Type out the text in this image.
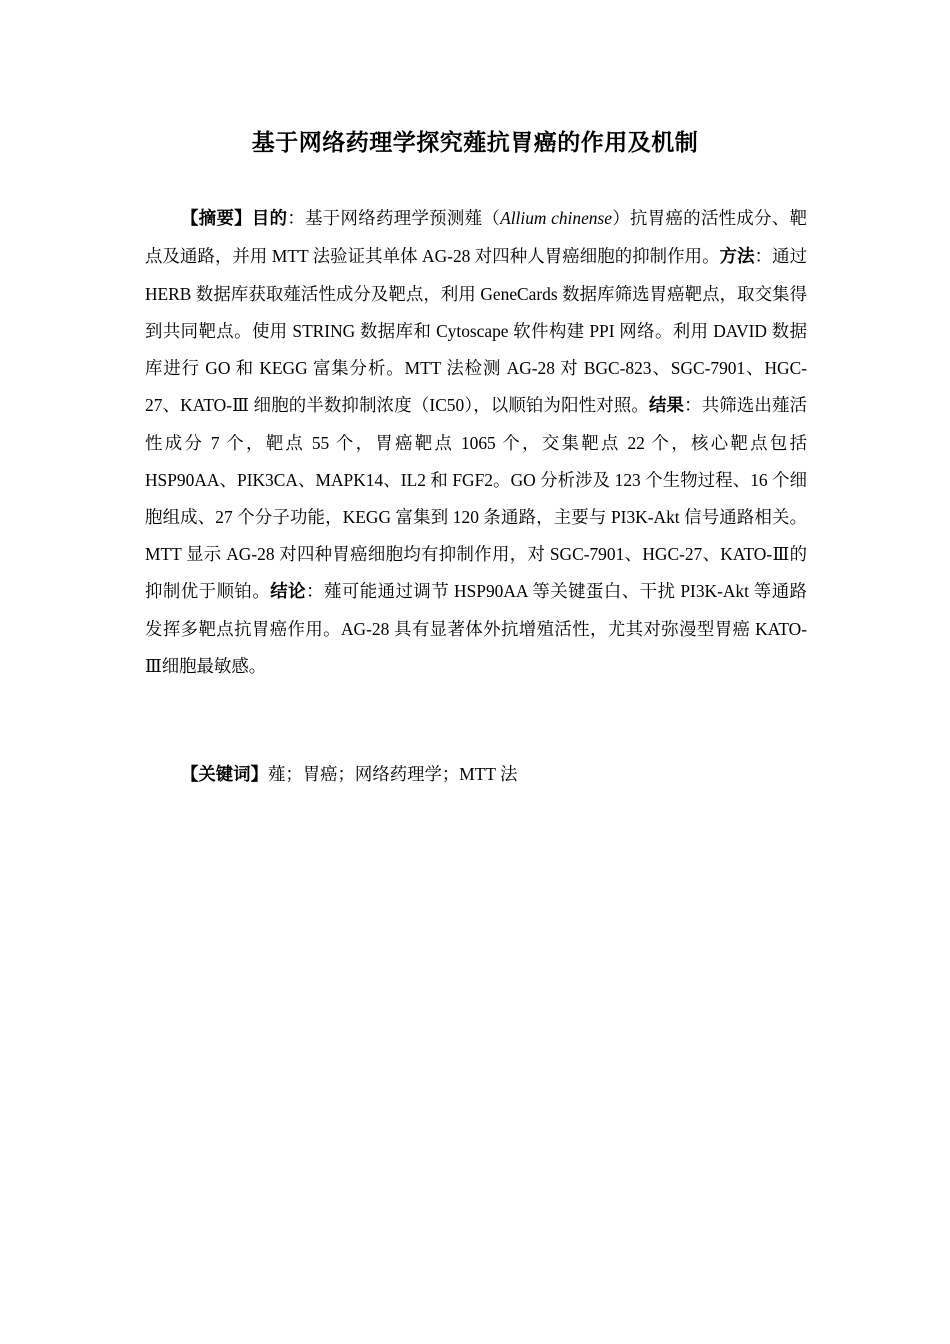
基于网络药理学探究薤抗胃癌的作用及机制
【摘要】目的：基于网络药理学预测薤（Allium chinense）抗胃癌的活性成分、靶点及通路，并用 MTT 法验证其单体 AG-28 对四种人胃癌细胞的抑制作用。方法：通过 HERB 数据库获取薤活性成分及靶点，利用 GeneCards 数据库筛选胃癌靶点，取交集得到共同靶点。使用 STRING 数据库和 Cytoscape 软件构建 PPI 网络。利用 DAVID 数据库进行 GO 和 KEGG 富集分析。MTT 法检测 AG-28 对 BGC-823、SGC-7901、HGC-27、KATO-Ⅲ 细胞的半数抑制浓度（IC50），以顺铂为阳性对照。结果：共筛选出薤活性成分 7 个，靶点 55 个，胃癌靶点 1065 个，交集靶点 22 个，核心靶点包括 HSP90AA、PIK3CA、MAPK14、IL2 和 FGF2。GO 分析涉及 123 个生物过程、16 个细胞组成、27 个分子功能，KEGG 富集到 120 条通路，主要与 PI3K-Akt 信号通路相关。MTT 显示 AG-28 对四种胃癌细胞均有抑制作用，对 SGC-7901、HGC-27、KATO-Ⅲ的抑制优于顺铂。结论：薤可能通过调节 HSP90AA 等关键蛋白、干扰 PI3K-Akt 等通路发挥多靶点抗胃癌作用。AG-28 具有显著体外抗增殖活性，尤其对弥漫型胃癌 KATO-Ⅲ细胞最敏感。
【关键词】薤；胃癌；网络药理学；MTT 法
